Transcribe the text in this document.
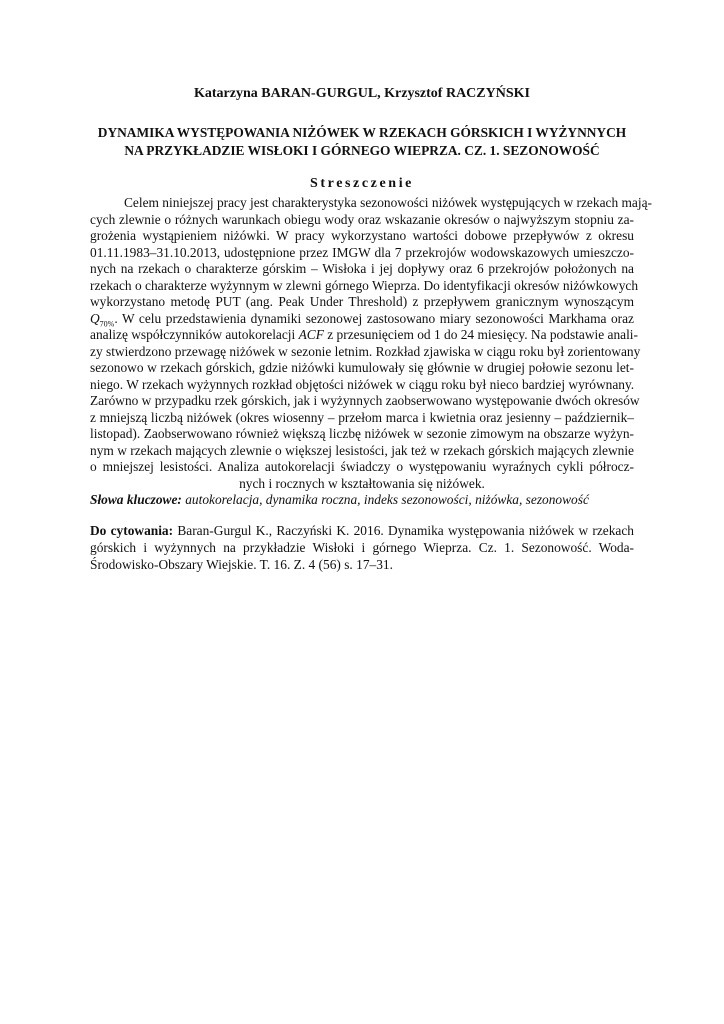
Katarzyna BARAN-GURGUL, Krzysztof RACZYŃSKI
DYNAMIKA WYSTĘPOWANIA NIŻÓWEK W RZEKACH GÓRSKICH I WYŻYNNYCH
NA PRZYKŁADZIE WISŁOKI I GÓRNEGO WIEPRZA. CZ. 1. SEZONOWOŚĆ
Streszczenie
Celem niniejszej pracy jest charakterystyka sezonowości niżówek występujących w rzekach mają-
cych zlewnie o różnych warunkach obiegu wody oraz wskazanie okresów o najwyższym stopniu za-
grożenia wystąpieniem niżówki. W pracy wykorzystano wartości dobowe przepływów z okresu
01.11.1983–31.10.2013, udostępnione przez IMGW dla 7 przekrojów wodowskazowych umieszczo-
nych na rzekach o charakterze górskim – Wisłoka i jej dopływy oraz 6 przekrojów położonych na
rzekach o charakterze wyżynnym w zlewni górnego Wieprza. Do identyfikacji okresów niżówkowych
wykorzystano metodę PUT (ang. Peak Under Threshold) z przepływem granicznym wynoszącym
$Q_{70\%}$. W celu przedstawienia dynamiki sezonowej zastosowano miary sezonowości Markhama oraz
analizę współczynników autokorelacji ACF z przesunięciem od 1 do 24 miesięcy. Na podstawie anali-
zy stwierdzono przewagę niżówek w sezonie letnim. Rozkład zjawiska w ciągu roku był zorientowany
sezonowo w rzekach górskich, gdzie niżówki kumulowały się głównie w drugiej połowie sezonu let-
niego. W rzekach wyżynnych rozkład objętości niżówek w ciągu roku był nieco bardziej wyrównany.
Zarówno w przypadku rzek górskich, jak i wyżynnych zaobserwowano występowanie dwóch okresów
z mniejszą liczbą niżówek (okres wiosenny – przełom marca i kwietnia oraz jesienny – październik–
listopad). Zaobserwowano również większą liczbę niżówek w sezonie zimowym na obszarze wyżyn-
nym w rzekach mających zlewnie o większej lesistości, jak też w rzekach górskich mających zlewnie
o mniejszej lesistości. Analiza autokorelacji świadczy o występowaniu wyraźnych cykli półrocz-
nych i rocznych w kształtowania się niżówek.
Słowa kluczowe: autokorelacja, dynamika roczna, indeks sezonowości, niżówka, sezonowość
Do cytowania: Baran-Gurgul K., Raczyński K. 2016. Dynamika występowania niżówek w rzekach
górskich i wyżynnych na przykładzie Wisłoki i górnego Wieprza. Cz. 1. Sezonowość. Woda-
Środowisko-Obszary Wiejskie. T. 16. Z. 4 (56) s. 17–31.
